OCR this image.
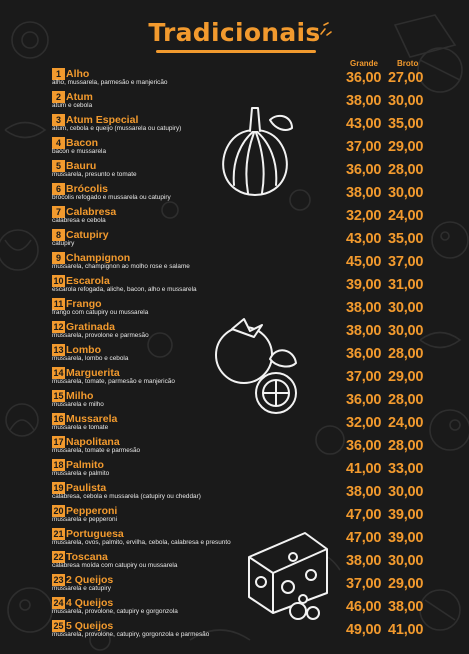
Tradicionais
Grande Broto
1 Alho
alho, mussarela, parmesão e manjericão	36,00 27,00
2 Atum
atum e cebola	38,00 30,00
3 Atum Especial
atum, cebola e queijo (mussarela ou catupiry)	43,00 35,00
4 Bacon
bacon e mussarela	37,00 29,00
5 Bauru
mussarela, presunto e tomate	36,00 28,00
6 Brócolis
brócolis refogado e mussarela ou catupiry	38,00 30,00
7 Calabresa
calabresa e cebola	32,00 24,00
8 Catupiry
catupiry	43,00 35,00
9 Champignon
mussarela, champignon ao molho rose e salame	45,00 37,00
10 Escarola
escarola refogada, aliche, bacon, alho e mussarela	39,00 31,00
11 Frango
frango com catupiry ou mussarela	38,00 30,00
12 Gratinada
mussarela, provolone e parmesão	38,00 30,00
13 Lombo
mussarela, lombo e cebola	36,00 28,00
14 Marguerita
mussarela, tomate, parmesão e manjericão	37,00 29,00
15 Milho
mussarela e milho	36,00 28,00
16 Mussarela
mussarela e tomate	32,00 24,00
17 Napolitana
mussarela, tomate e parmesão	36,00 28,00
18 Palmito
mussarela e palmito	41,00 33,00
19 Paulista
calabresa, cebola e mussarela (catupiry ou cheddar)	38,00 30,00
20 Pepperoni
mussarela e pepperoni	47,00 39,00
21 Portuguesa
mussarela, ovos, palmito, ervilha, cebola, calabresa e presunto	47,00 39,00
22 Toscana
calabresa moída com catupiry ou mussarela	38,00 30,00
23 2 Queijos
mussarela e catupiry	37,00 29,00
24 4 Queijos
mussarela, provolone, catupiry e gorgonzola	46,00 38,00
25 5 Queijos
mussarela, provolone, catupiry, gorgonzola e parmesão	49,00 41,00
